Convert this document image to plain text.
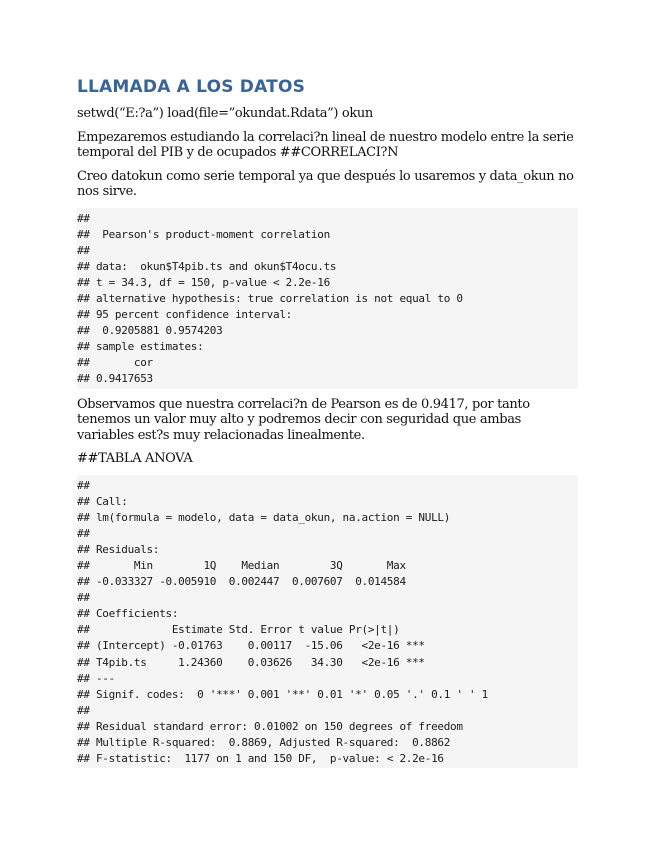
LLAMADA A LOS DATOS

setwd(“E:?a”) load(file=”okundat.Rdata”) okun

Empezaremos estudiando la correlaci?n lineal de nuestro modelo entre la serie temporal del PIB y de ocupados ##CORRELACI?N

Creo datokun como serie temporal ya que después lo usaremos y data_okun no nos sirve.

##
##  Pearson's product-moment correlation
##
## data:  okun$T4pib.ts and okun$T4ocu.ts
## t = 34.3, df = 150, p-value < 2.2e-16
## alternative hypothesis: true correlation is not equal to 0
## 95 percent confidence interval:
##  0.9205881 0.9574203
## sample estimates:
##       cor
## 0.9417653

Observamos que nuestra correlaci?n de Pearson es de 0.9417, por tanto tenemos un valor muy alto y podremos decir con seguridad que ambas variables est?s muy relacionadas linealmente.

##TABLA ANOVA

##
## Call:
## lm(formula = modelo, data = data_okun, na.action = NULL)
##
## Residuals:
##       Min        1Q    Median        3Q       Max
## -0.033327 -0.005910  0.002447  0.007607  0.014584
##
## Coefficients:
##             Estimate Std. Error t value Pr(>|t|)
## (Intercept) -0.01763    0.00117  -15.06   <2e-16 ***
## T4pib.ts     1.24360    0.03626   34.30   <2e-16 ***
## ---
## Signif. codes:  0 '***' 0.001 '**' 0.01 '*' 0.05 '.' 0.1 ' ' 1
##
## Residual standard error: 0.01002 on 150 degrees of freedom
## Multiple R-squared:  0.8869, Adjusted R-squared:  0.8862
## F-statistic:  1177 on 1 and 150 DF,  p-value: < 2.2e-16
